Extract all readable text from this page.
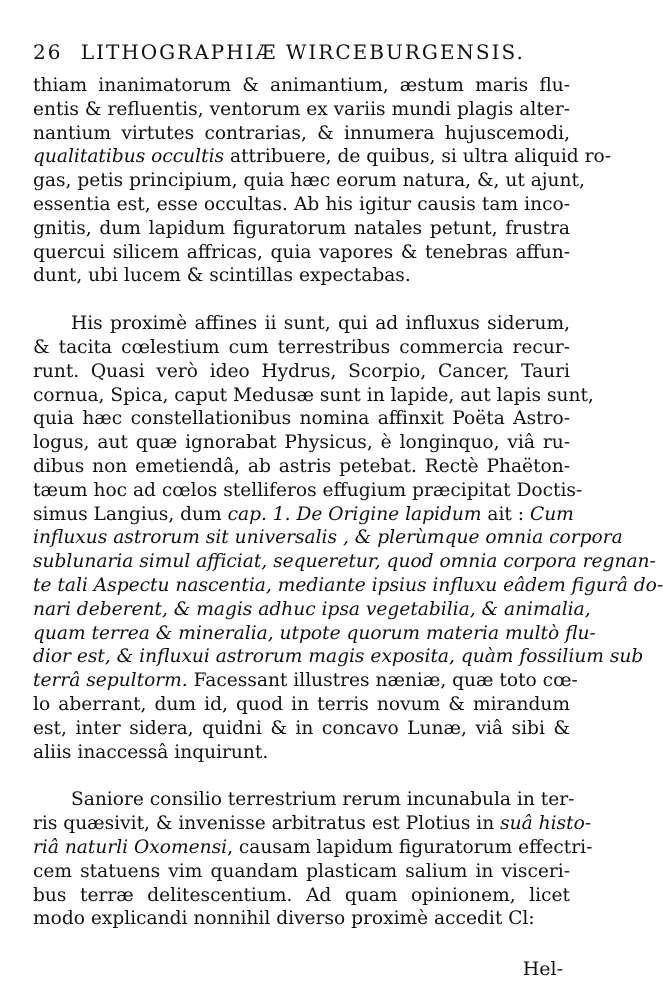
26 LITHOGRAPHIÆ WIRCEBURGENSIS.
thiam inanimatorum & animantium, æstum maris flu-
entis & refluentis, ventorum ex variis mundi plagis alter-
nantium virtutes contrarias, & innumera hujuscemodi,
qualitatibus occultis attribuere, de quibus, si ultra aliquid ro-
gas, petis principium, quia hæc eorum natura, &, ut ajunt,
essentia est, esse occultas. Ab his igitur causis tam inco-
gnitis, dum lapidum figuratorum natales petunt, frustra
quercui silicem affricas, quia vapores & tenebras affun-
dunt, ubi lucem & scintillas expectabas.
His proximè affines ii sunt, qui ad influxus siderum,
& tacita cœlestium cum terrestribus commercia recur-
runt. Quasi verò ideo Hydrus, Scorpio, Cancer, Tauri
cornua, Spica, caput Medusæ sunt in lapide, aut lapis sunt,
quia hæc constellationibus nomina affinxit Poëta Astro-
logus, aut quæ ignorabat Physicus, è longinquo, viâ ru-
dibus non emetiendâ, ab astris petebat. Rectè Phaëton-
tæum hoc ad cœlos stelliferos effugium præcipitat Doctis-
simus Langius, dum cap. 1. De Origine lapidum ait : Cum
influxus astrorum sit universalis , & plerùmque omnia corpora
sublunaria simul afficiat, sequeretur, quod omnia corpora regnan-
te tali Aspectu nascentia, mediante ipsius influxu eâdem figurâ do-
nari deberent, & magis adhuc ipsa vegetabilia, & animalia,
quam terrea & mineralia, utpote quorum materia multò flu-
dior est, & influxui astrorum magis exposita, quàm fossilium sub
terrâ sepultorm. Facessant illustres næniæ, quæ toto cœ-
lo aberrant, dum id, quod in terris novum & mirandum
est, inter sidera, quidni & in concavo Lunæ, viâ sibi &
aliis inaccessâ inquirunt.
Saniore consilio terrestrium rerum incunabula in ter-
ris quæsivit, & invenisse arbitratus est Plotius in suâ histo-
riâ naturli Oxomensi, causam lapidum figuratorum effectri-
cem statuens vim quandam plasticam salium in visceri-
bus terræ delitescentium. Ad quam opinionem, licet
modo explicandi nonnihil diverso proximè accedit Cl:
Hel-
